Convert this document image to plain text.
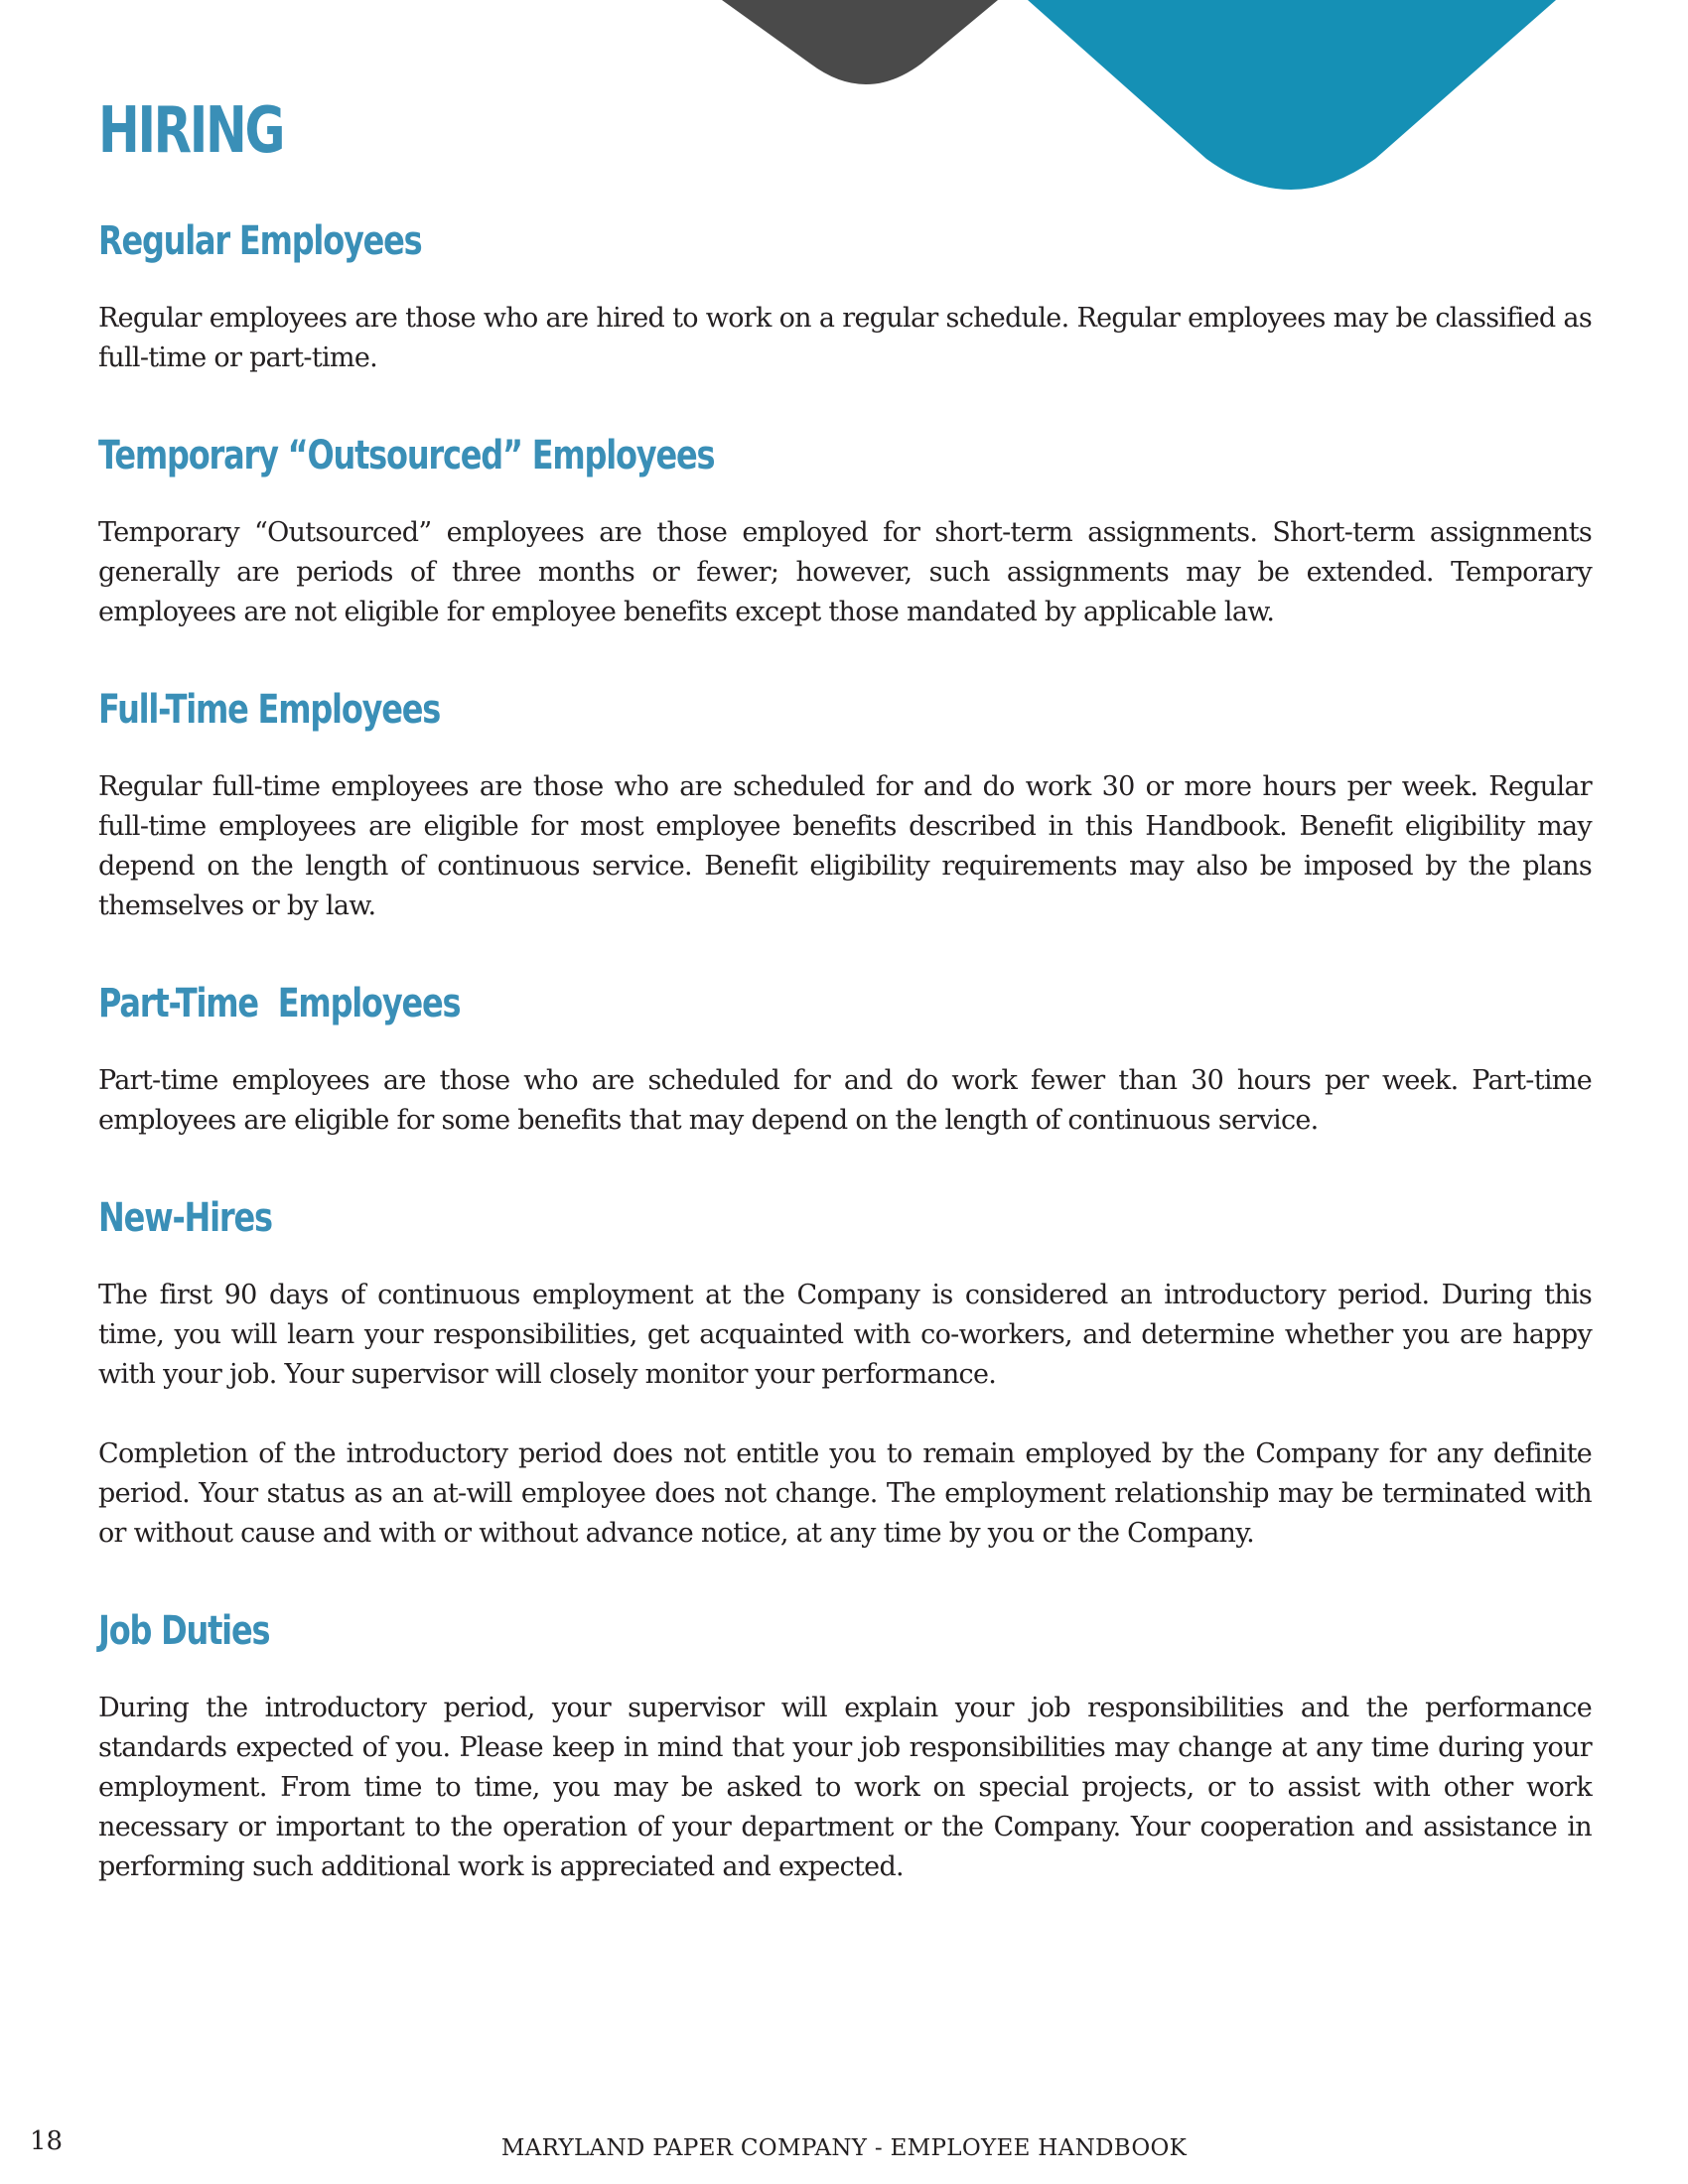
HIRING
Regular Employees

Regular employees are those who are hired to work on a regular schedule. Regular employees may be classified as full-time or part-time.

Temporary “Outsourced” Employees

Temporary “Outsourced” employees are those employed for short-term assignments. Short-term assignments generally are periods of three months or fewer; however, such assignments may be extended. Temporary employees are not eligible for employee benefits except those mandated by applicable law.

Full-Time Employees

Regular full-time employees are those who are scheduled for and do work 30 or more hours per week. Regular full-time employees are eligible for most employee benefits described in this Handbook. Benefit eligibility may depend on the length of continuous service. Benefit eligibility requirements may also be imposed by the plans themselves or by law.

Part-Time  Employees

Part-time employees are those who are scheduled for and do work fewer than 30 hours per week. Part-time employees are eligible for some benefits that may depend on the length of continuous service.

New-Hires

The first 90 days of continuous employment at the Company is considered an introductory period. During this time, you will learn your responsibilities, get acquainted with co-workers, and determine whether you are happy with your job. Your supervisor will closely monitor your performance.

Completion of the introductory period does not entitle you to remain employed by the Company for any definite period. Your status as an at-will employee does not change. The employment relationship may be terminated with or without cause and with or without advance notice, at any time by you or the Company.

Job Duties

During the introductory period, your supervisor will explain your job responsibilities and the performance standards expected of you. Please keep in mind that your job responsibilities may change at any time during your employment. From time to time, you may be asked to work on special projects, or to assist with other work necessary or important to the operation of your department or the Company. Your cooperation and assistance in performing such additional work is appreciated and expected.

18	MARYLAND PAPER COMPANY - EMPLOYEE HANDBOOK
